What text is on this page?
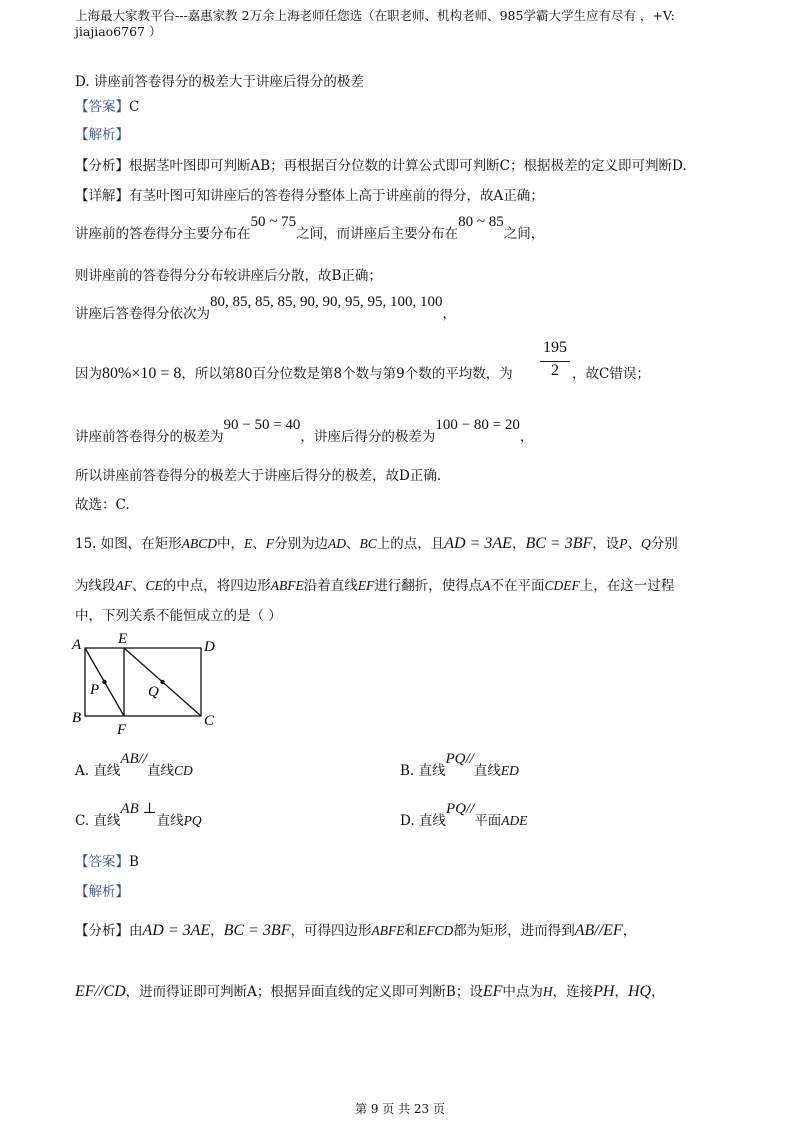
上海最大家教平台---嘉惠家教 2万余上海老师任您选（在职老师、机构老师、985学霸大学生应有尽有 ，+V:
jiajiao6767 ）
D. 讲座前答卷得分的极差大于讲座后得分的极差
【答案】C
【解析】
【分析】根据茎叶图即可判断AB；再根据百分位数的计算公式即可判断C；根据极差的定义即可判断D.
【详解】有茎叶图可知讲座后的答卷得分整体上高于讲座前的得分，故A正确；
讲座前的答卷得分主要分布在50 ~ 75之间，而讲座后主要分布在80 ~ 85之间，
则讲座前的答卷得分分布较讲座后分散，故B正确；
讲座后答卷得分依次为80, 85, 85, 85, 90, 90, 95, 95, 100, 100，
因为80%×10 = 8，所以第80百分位数是第8个数与第9个数的平均数，为
195
2 ，故C错误；
讲座前答卷得分的极差为90 − 50 = 40，讲座后得分的极差为100 − 80 = 20，
所以讲座前答卷得分的极差大于讲座后得分的极差，故D正确.
故选：C.
15. 如图，在矩形ABCD中，E、F分别为边AD、BC上的点，且AD = 3AE，BC = 3BF，设P、Q分别
为线段AF、CE的中点，将四边形ABFE沿着直线EF进行翻折，使得点A不在平面CDEF上，在这一过程
中，下列关系不能恒成立的是（ ）
A E	D
P	Q
B
F
C
A. 直线AB//直线CD	B. 直线PQ//直线ED
C. 直线AB ⊥直线PQ	D. 直线PQ//平面ADE
【答案】B
【解析】
【分析】由AD = 3AE，BC = 3BF，可得四边形ABFE和EFCD都为矩形，进而得到AB//EF，
EF//CD，进而得证即可判断A；根据异面直线的定义即可判断B；设EF中点为H，连接PH，HQ，
第 9 页 共 23 页
